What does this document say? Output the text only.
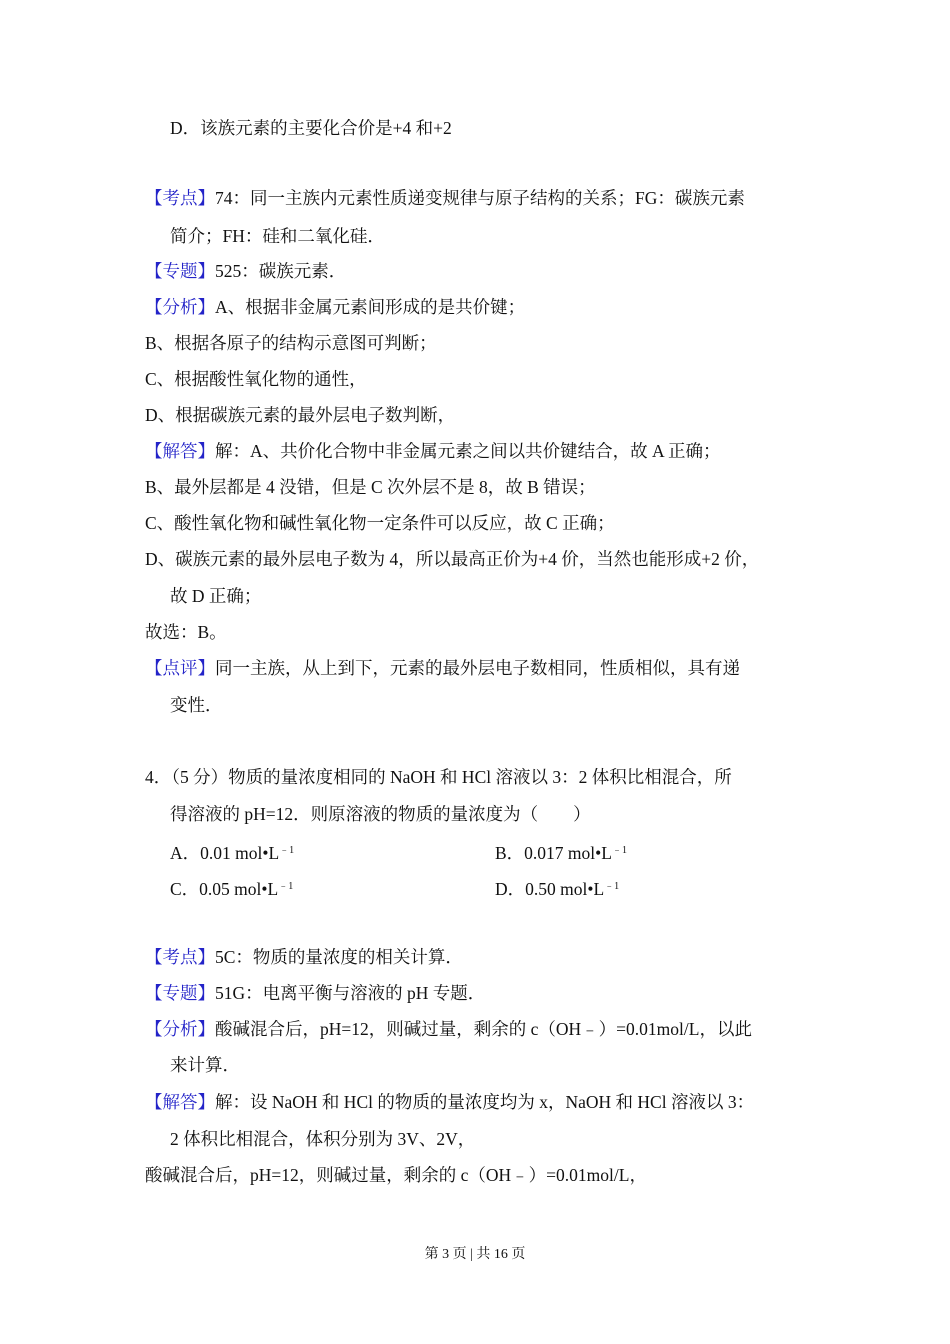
D．该族元素的主要化合价是+4 和+2
【考点】74：同一主族内元素性质递变规律与原子结构的关系；FG：碳族元素
简介；FH：硅和二氧化硅．
【专题】525：碳族元素．
【分析】A、根据非金属元素间形成的是共价键；
B、根据各原子的结构示意图可判断；
C、根据酸性氧化物的通性，
D、根据碳族元素的最外层电子数判断，
【解答】解：A、共价化合物中非金属元素之间以共价键结合，故 A 正确；
B、最外层都是 4 没错，但是 C 次外层不是 8，故 B 错误；
C、酸性氧化物和碱性氧化物一定条件可以反应，故 C 正确；
D、碳族元素的最外层电子数为 4，所以最高正价为+4 价，当然也能形成+2 价，
故 D 正确；
故选：B。
【点评】同一主族，从上到下，元素的最外层电子数相同，性质相似，具有递
变性．
4．（5 分）物质的量浓度相同的 NaOH 和 HCl 溶液以 3：2 体积比相混合，所
得溶液的 pH=12．则原溶液的物质的量浓度为（　　）
A．0.01 $mol•L^{﹣1}$	B．0.017 $mol•L^{﹣1}$
C．0.05 $mol•L^{﹣1}$	D．0.50 $mol•L^{﹣1}$
【考点】5C：物质的量浓度的相关计算．
【专题】51G：电离平衡与溶液的 pH 专题．
【分析】酸碱混合后，pH=12，则碱过量，剩余的 c（OH﹣）=0.01mol/L，以此
来计算．
【解答】解：设 NaOH 和 HCl 的物质的量浓度均为 x，NaOH 和 HCl 溶液以 3：
2 体积比相混合，体积分别为 3V、2V，
酸碱混合后，pH=12，则碱过量，剩余的 c（OH﹣）=0.01mol/L，
第 3 页 | 共 16 页
